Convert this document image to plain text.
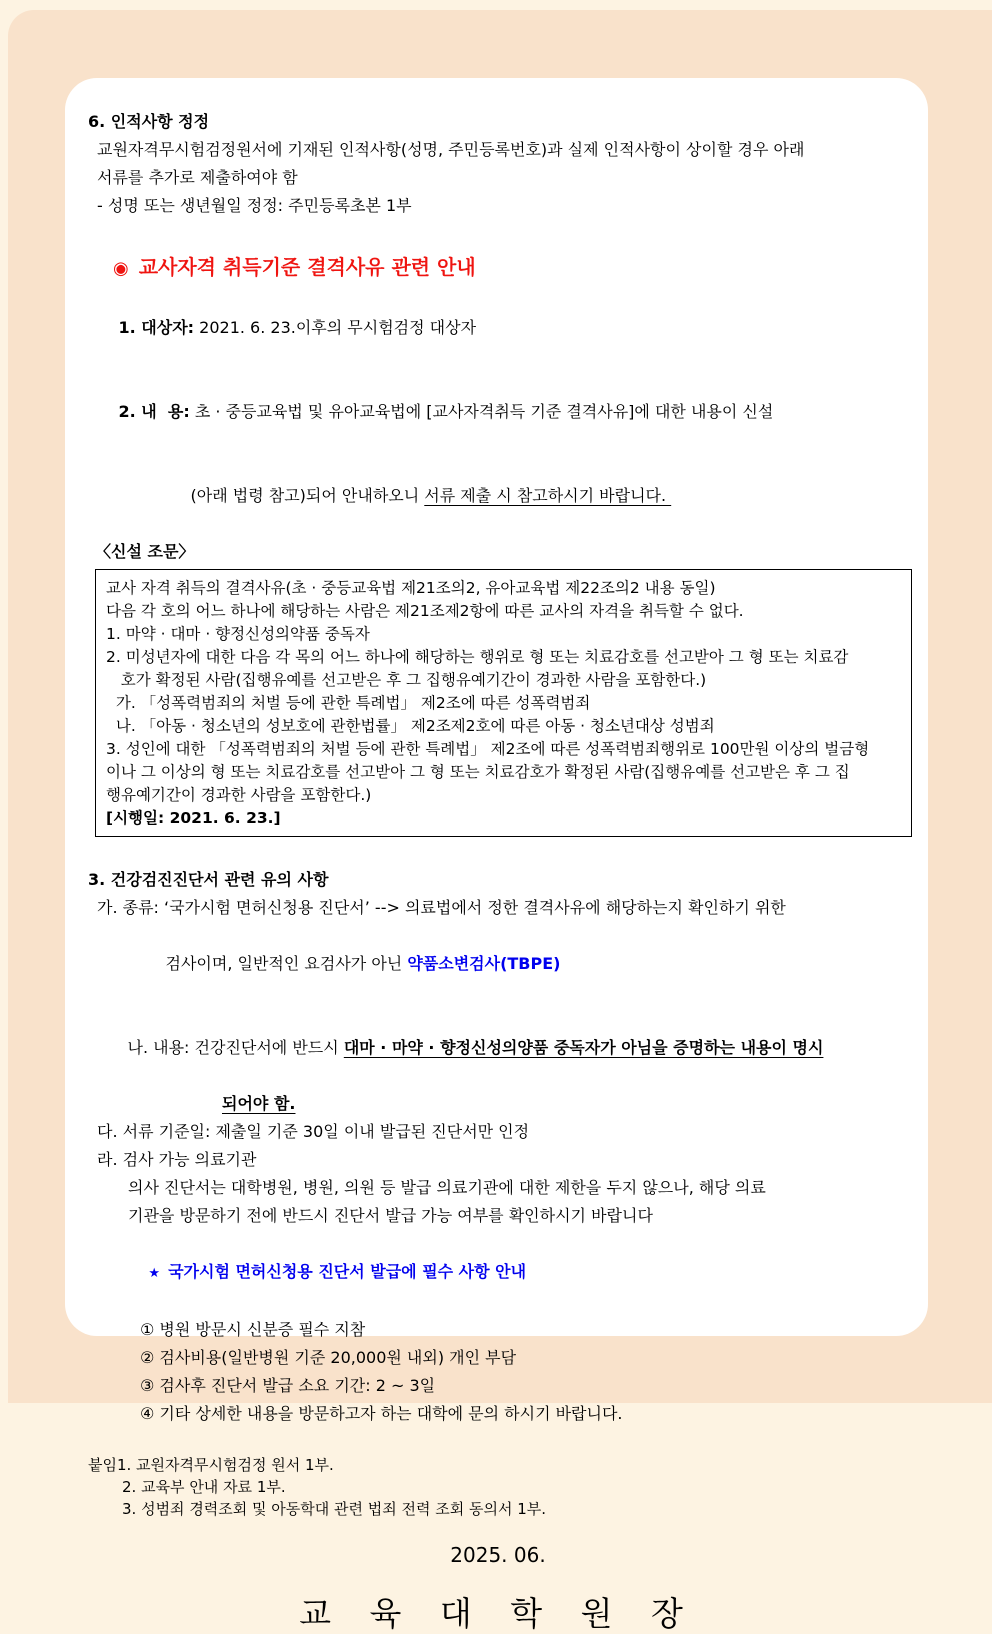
6. 인적사항 정정
교원자격무시험검정원서에 기재된 인적사항(성명, 주민등록번호)과 실제 인적사항이 상이할 경우 아래
서류를 추가로 제출하여야 함
- 성명 또는 생년월일 정정: 주민등록초본 1부
◉ 교사자격 취득기준 결격사유 관련 안내

1. 대상자: 2021. 6. 23.이후의 무시험검정 대상자

2. 내  용: 초 · 중등교육법 및 유아교육법에 [교사자격취득 기준 결격사유]에 대한 내용이 신설

(아래 법령 참고)되어 안내하오니 서류 제출 시 참고하시기 바랍니다.

〈신설 조문〉
교사 자격 취득의 결격사유(초 · 중등교육법 제21조의2, 유아교육법 제22조의2 내용 동일)
다음 각 호의 어느 하나에 해당하는 사람은 제21조제2항에 따른 교사의 자격을 취득할 수 없다.
1. 마약 · 대마 · 향정신성의약품 중독자
2. 미성년자에 대한 다음 각 목의 어느 하나에 해당하는 행위로 형 또는 치료감호를 선고받아 그 형 또는 치료감
호가 확정된 사람(집행유예를 선고받은 후 그 집행유예기간이 경과한 사람을 포함한다.)
가. 「성폭력범죄의 처벌 등에 관한 특례법」 제2조에 따른 성폭력범죄
나. 「아동 · 청소년의 성보호에 관한법률」 제2조제2호에 따른 아동 · 청소년대상 성범죄
3. 성인에 대한 「성폭력범죄의 처벌 등에 관한 특례법」 제2조에 따른 성폭력범죄행위로 100만원 이상의 벌금형
이나 그 이상의 형 또는 치료감호를 선고받아 그 형 또는 치료감호가 확정된 사람(집행유예를 선고받은 후 그 집
행유예기간이 경과한 사람을 포함한다.)
[시행일: 2021. 6. 23.]
3. 건강검진진단서 관련 유의 사항
가. 종류: ‘국가시험 면허신청용 진단서’ --> 의료법에서 정한 결격사유에 해당하는지 확인하기 위한

검사이며, 일반적인 요검사가 아닌 약품소변검사(TBPE)

나. 내용: 건강진단서에 반드시 대마 · 마약 · 향정신성의양품 중독자가 아님을 증명하는 내용이 명시

되어야 함.
다. 서류 기준일: 제출일 기준 30일 이내 발급된 진단서만 인정
라. 검사 가능 의료기관
의사 진단서는 대학병원, 병원, 의원 등 발급 의료기관에 대한 제한을 두지 않으나, 해당 의료
기관을 방문하기 전에 반드시 진단서 발급 가능 여부를 확인하시기 바랍니다

★ 국가시험 면허신청용 진단서 발급에 필수 사항 안내

① 병원 방문시 신분증 필수 지참
② 검사비용(일반병원 기준 20,000원 내외) 개인 부담
③ 검사후 진단서 발급 소요 기간: 2 ~ 3일
④ 기타 상세한 내용을 방문하고자 하는 대학에 문의 하시기 바랍니다.
붙임1. 교원자격무시험검정 원서 1부.
2. 교육부 안내 자료 1부.
3. 성범죄 경력조회 및 아동학대 관련 법죄 전력 조회 동의서 1부.
2025. 06.
교 육 대 학 원 장
